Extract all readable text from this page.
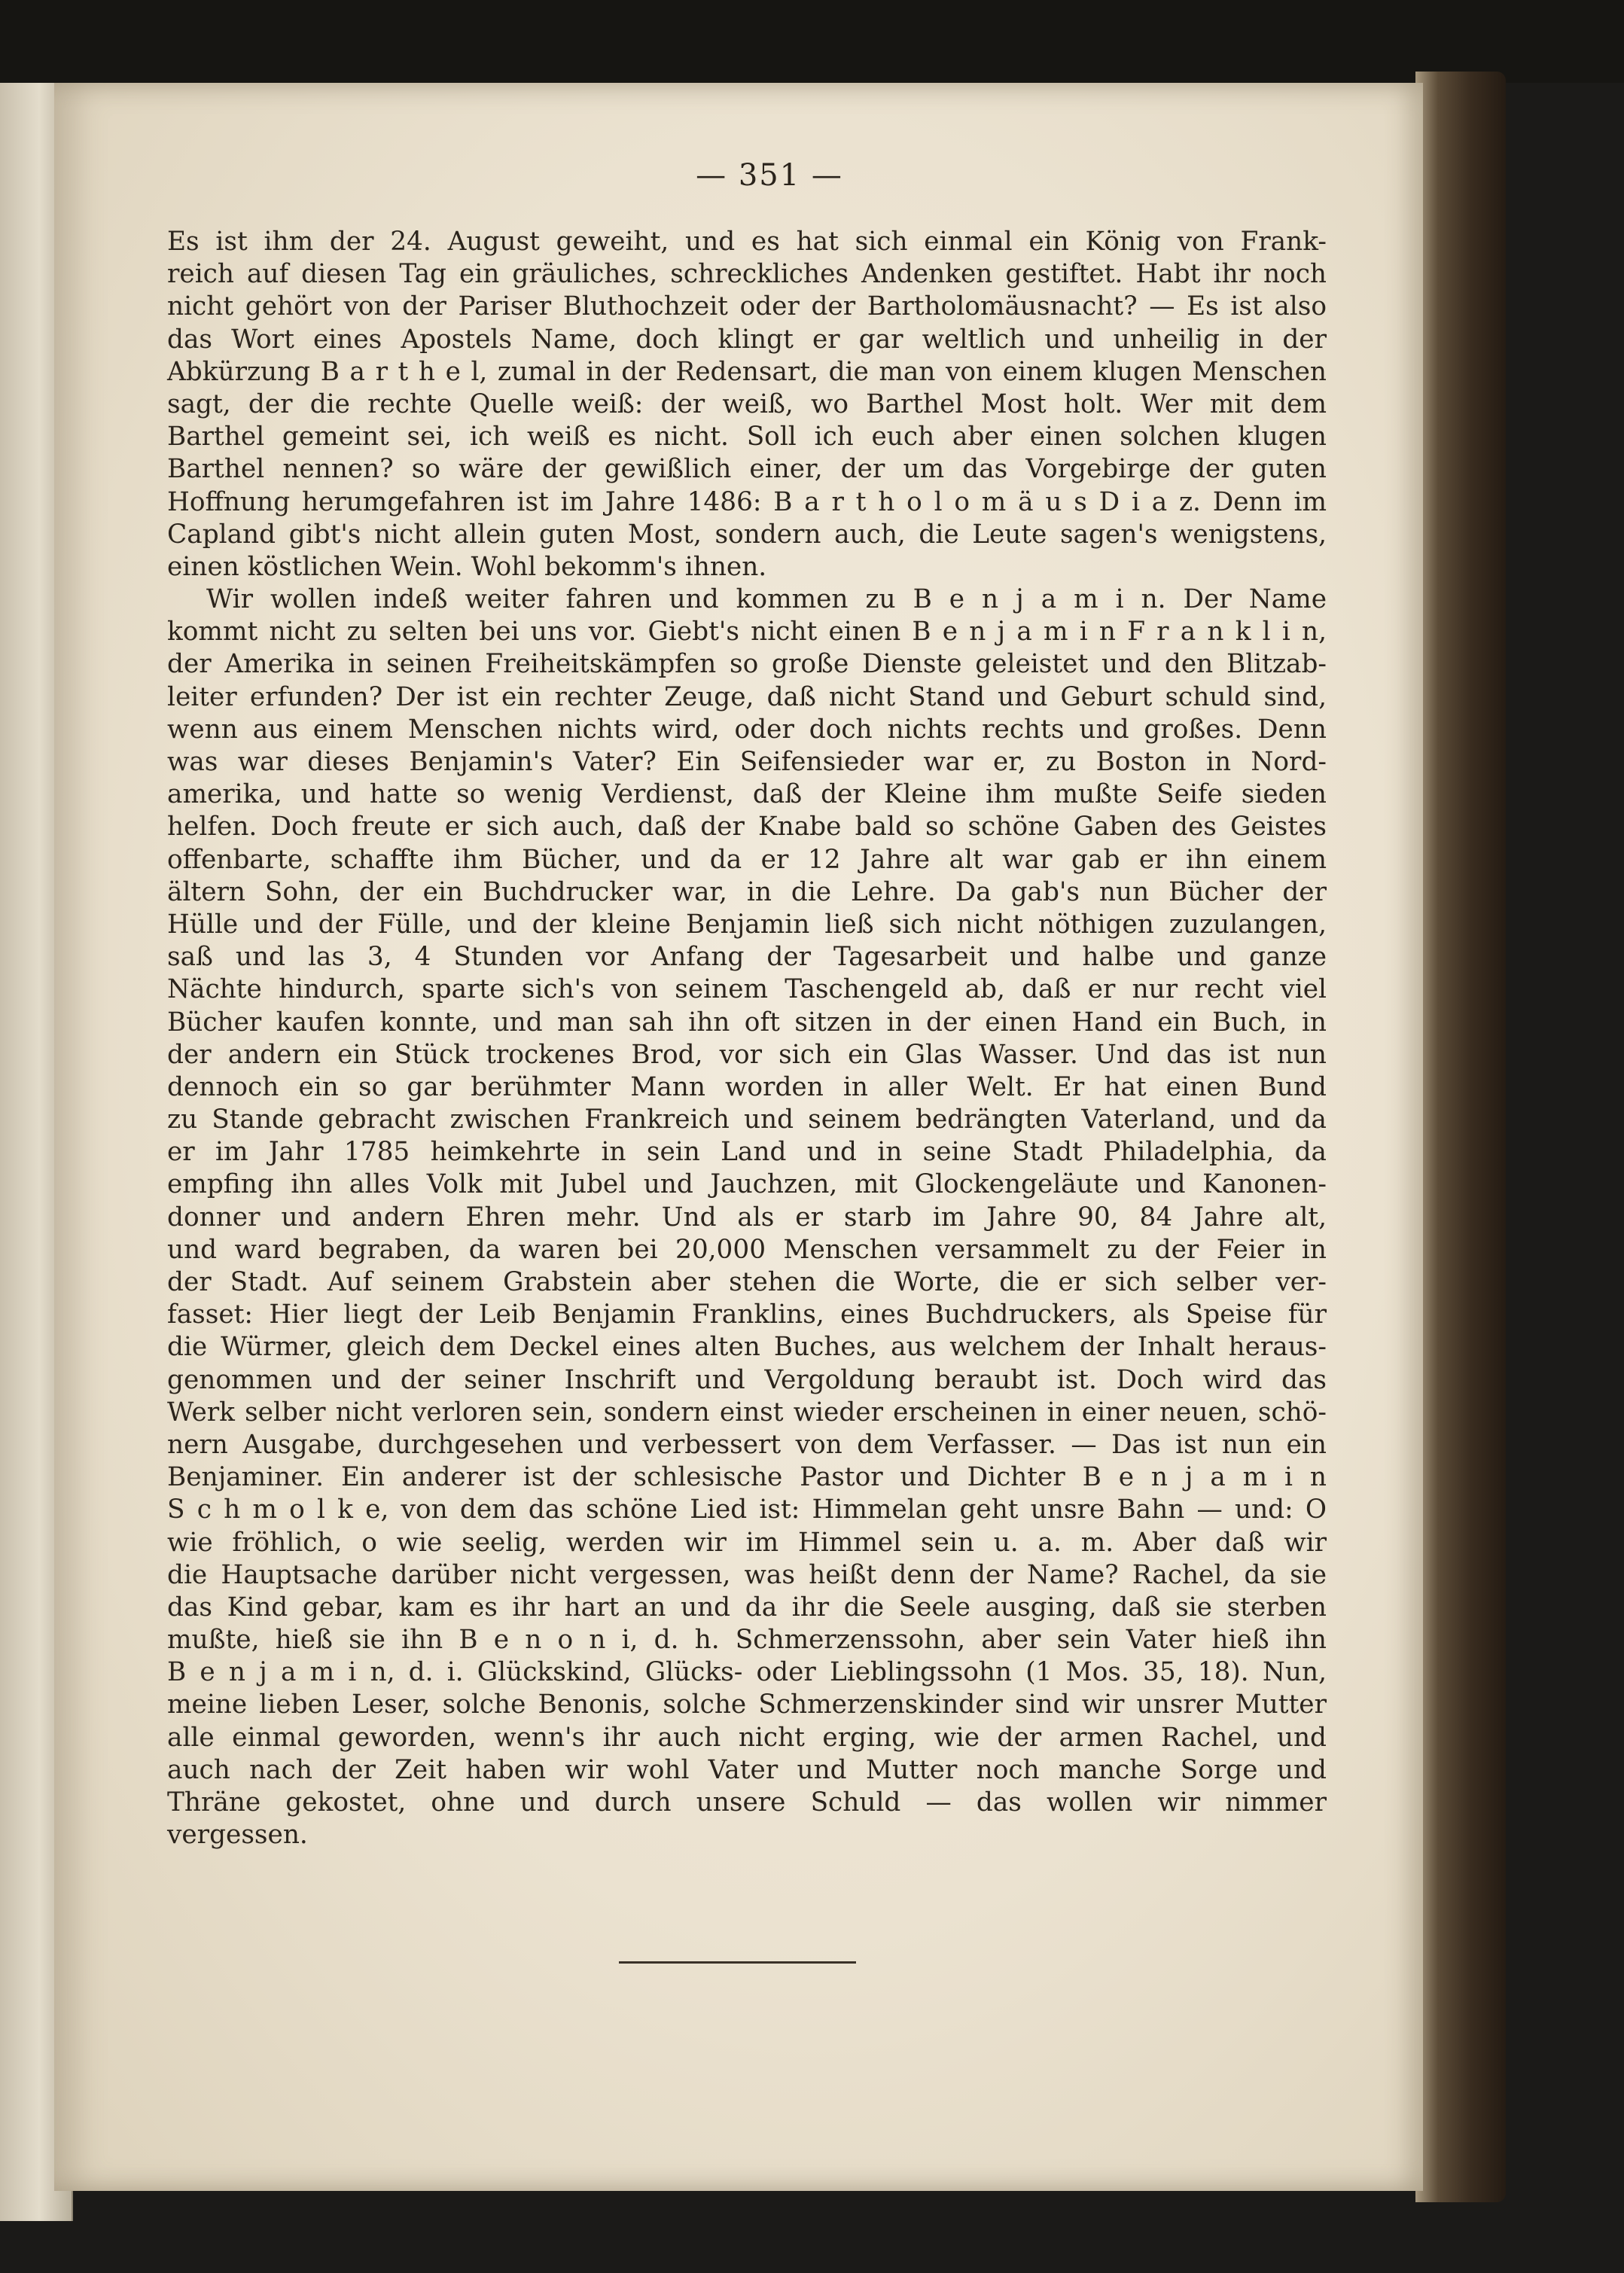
— 351 —
Es ist ihm der 24. August geweiht, und es hat sich einmal ein König von Frank-
reich auf diesen Tag ein gräuliches, schreckliches Andenken gestiftet. Habt ihr noch
nicht gehört von der Pariser Bluthochzeit oder der Bartholomäusnacht? — Es ist also
das Wort eines Apostels Name, doch klingt er gar weltlich und unheilig in der
Abkürzung B a r t h e l, zumal in der Redensart, die man von einem klugen Menschen
sagt, der die rechte Quelle weiß: der weiß, wo Barthel Most holt. Wer mit dem
Barthel gemeint sei, ich weiß es nicht. Soll ich euch aber einen solchen klugen
Barthel nennen? so wäre der gewißlich einer, der um das Vorgebirge der guten
Hoffnung herumgefahren ist im Jahre 1486: B a r t h o l o m ä u s D i a z. Denn im
Capland gibt's nicht allein guten Most, sondern auch, die Leute sagen's wenigstens,
einen köstlichen Wein. Wohl bekomm's ihnen.
Wir wollen indeß weiter fahren und kommen zu B e n j a m i n. Der Name
kommt nicht zu selten bei uns vor. Giebt's nicht einen B e n j a m i n F r a n k l i n,
der Amerika in seinen Freiheitskämpfen so große Dienste geleistet und den Blitzab-
leiter erfunden? Der ist ein rechter Zeuge, daß nicht Stand und Geburt schuld sind,
wenn aus einem Menschen nichts wird, oder doch nichts rechts und großes. Denn
was war dieses Benjamin's Vater? Ein Seifensieder war er, zu Boston in Nord-
amerika, und hatte so wenig Verdienst, daß der Kleine ihm mußte Seife sieden
helfen. Doch freute er sich auch, daß der Knabe bald so schöne Gaben des Geistes
offenbarte, schaffte ihm Bücher, und da er 12 Jahre alt war gab er ihn einem
ältern Sohn, der ein Buchdrucker war, in die Lehre. Da gab's nun Bücher der
Hülle und der Fülle, und der kleine Benjamin ließ sich nicht nöthigen zuzulangen,
saß und las 3, 4 Stunden vor Anfang der Tagesarbeit und halbe und ganze
Nächte hindurch, sparte sich's von seinem Taschengeld ab, daß er nur recht viel
Bücher kaufen konnte, und man sah ihn oft sitzen in der einen Hand ein Buch, in
der andern ein Stück trockenes Brod, vor sich ein Glas Wasser. Und das ist nun
dennoch ein so gar berühmter Mann worden in aller Welt. Er hat einen Bund
zu Stande gebracht zwischen Frankreich und seinem bedrängten Vaterland, und da
er im Jahr 1785 heimkehrte in sein Land und in seine Stadt Philadelphia, da
empfing ihn alles Volk mit Jubel und Jauchzen, mit Glockengeläute und Kanonen-
donner und andern Ehren mehr. Und als er starb im Jahre 90, 84 Jahre alt,
und ward begraben, da waren bei 20,000 Menschen versammelt zu der Feier in
der Stadt. Auf seinem Grabstein aber stehen die Worte, die er sich selber ver-
fasset: Hier liegt der Leib Benjamin Franklins, eines Buchdruckers, als Speise für
die Würmer, gleich dem Deckel eines alten Buches, aus welchem der Inhalt heraus-
genommen und der seiner Inschrift und Vergoldung beraubt ist. Doch wird das
Werk selber nicht verloren sein, sondern einst wieder erscheinen in einer neuen, schö-
nern Ausgabe, durchgesehen und verbessert von dem Verfasser. — Das ist nun ein
Benjaminer. Ein anderer ist der schlesische Pastor und Dichter B e n j a m i n
S c h m o l k e, von dem das schöne Lied ist: Himmelan geht unsre Bahn — und: O
wie fröhlich, o wie seelig, werden wir im Himmel sein u. a. m. Aber daß wir
die Hauptsache darüber nicht vergessen, was heißt denn der Name? Rachel, da sie
das Kind gebar, kam es ihr hart an und da ihr die Seele ausging, daß sie sterben
mußte, hieß sie ihn B e n o n i, d. h. Schmerzenssohn, aber sein Vater hieß ihn
B e n j a m i n, d. i. Glückskind, Glücks- oder Lieblingssohn (1 Mos. 35, 18). Nun,
meine lieben Leser, solche Benonis, solche Schmerzenskinder sind wir unsrer Mutter
alle einmal geworden, wenn's ihr auch nicht erging, wie der armen Rachel, und
auch nach der Zeit haben wir wohl Vater und Mutter noch manche Sorge und
Thräne gekostet, ohne und durch unsere Schuld — das wollen wir nimmer
vergessen.
